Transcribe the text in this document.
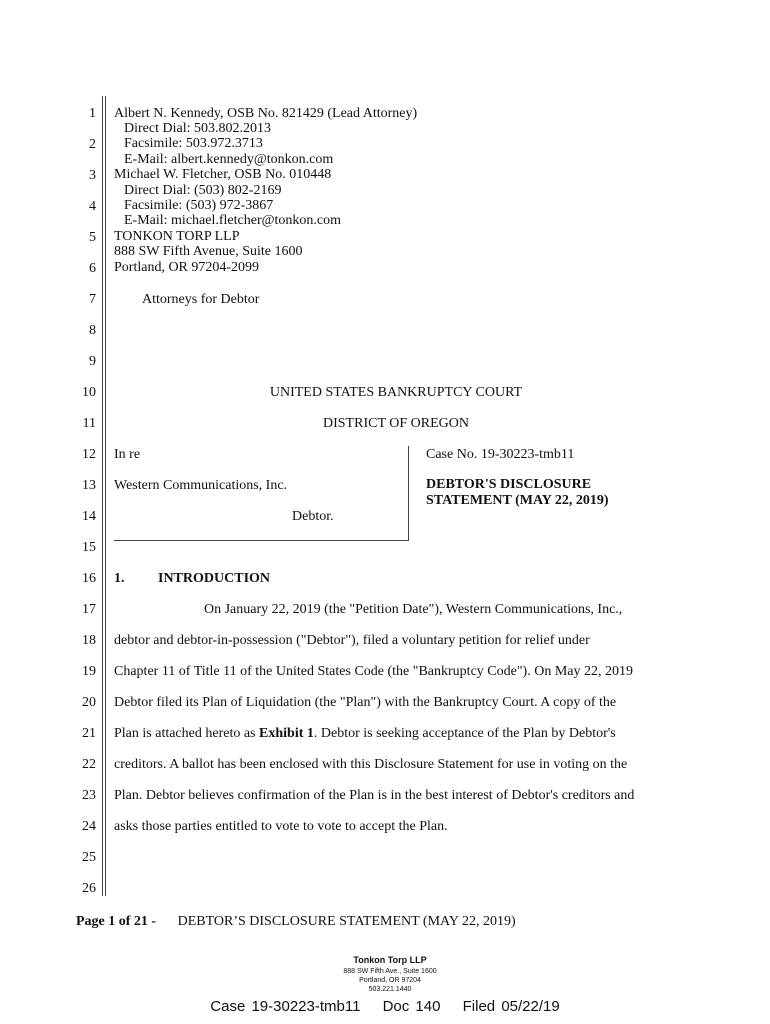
1
2
3
4
5
6
7
8
9
10
11
12
13
14
15
16
17
18
19
20
21
22
23
24
25
26
Albert N. Kennedy, OSB No. 821429 (Lead Attorney)
Direct Dial: 503.802.2013
Facsimile: 503.972.3713
E-Mail: albert.kennedy@tonkon.com
Michael W. Fletcher, OSB No. 010448
Direct Dial: (503) 802-2169
Facsimile: (503) 972-3867
E-Mail: michael.fletcher@tonkon.com
TONKON TORP LLP
888 SW Fifth Avenue, Suite 1600
Portland, OR 97204-2099
Attorneys for Debtor
UNITED STATES BANKRUPTCY COURT
DISTRICT OF OREGON
In re
Western Communications, Inc.
Debtor.
Case No. 19-30223-tmb11
DEBTOR'S DISCLOSURE
STATEMENT (MAY 22, 2019)
1. INTRODUCTION
On January 22, 2019 (the "Petition Date"), Western Communications, Inc.,
debtor and debtor-in-possession ("Debtor"), filed a voluntary petition for relief under
Chapter 11 of Title 11 of the United States Code (the "Bankruptcy Code"). On May 22, 2019
Debtor filed its Plan of Liquidation (the "Plan") with the Bankruptcy Court. A copy of the
Plan is attached hereto as Exhibit 1. Debtor is seeking acceptance of the Plan by Debtor's
creditors. A ballot has been enclosed with this Disclosure Statement for use in voting on the
Plan. Debtor believes confirmation of the Plan is in the best interest of Debtor's creditors and
asks those parties entitled to vote to vote to accept the Plan.
Page 1 of 21 - DEBTOR’S DISCLOSURE STATEMENT (MAY 22, 2019)
Tonkon Torp LLP
888 SW Fifth Ave., Suite 1600
Portland, OR 97204
503.221.1440
Case 19-30223-tmb11 Doc 140 Filed 05/22/19
